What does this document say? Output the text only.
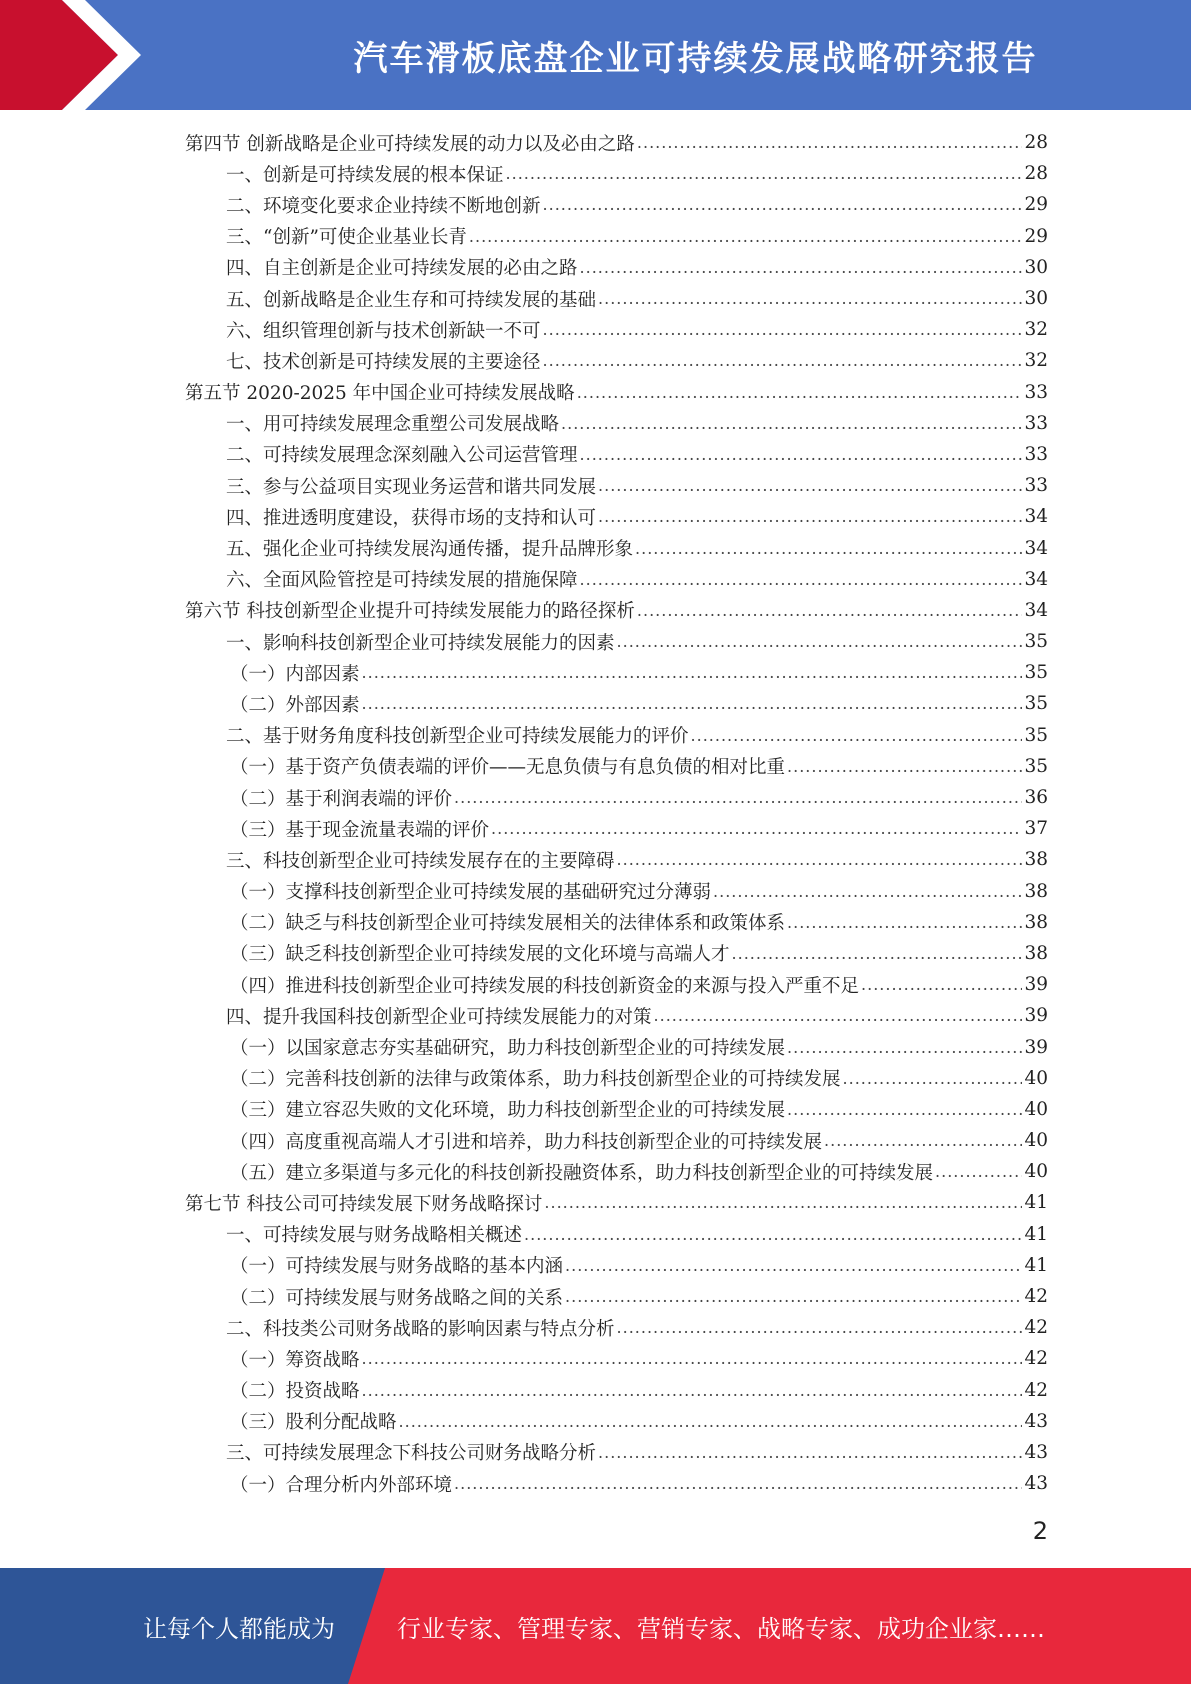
汽车滑板底盘企业可持续发展战略研究报告
第四节 创新战略是企业可持续发展的动力以及必由之路 .....	28
一、创新是可持续发展的根本保证 .....	28
二、环境变化要求企业持续不断地创新 .....	29
三、“创新”可使企业基业长青 .....	29
四、自主创新是企业可持续发展的必由之路 .....	30
五、创新战略是企业生存和可持续发展的基础 .....	30
六、组织管理创新与技术创新缺一不可 .....	32
七、技术创新是可持续发展的主要途径 .....	32
第五节 2020-2025 年中国企业可持续发展战略 .....	33
一、用可持续发展理念重塑公司发展战略 .....	33
二、可持续发展理念深刻融入公司运营管理 .....	33
三、参与公益项目实现业务运营和谐共同发展 .....	33
四、推进透明度建设，获得市场的支持和认可 .....	34
五、强化企业可持续发展沟通传播，提升品牌形象 .....	34
六、全面风险管控是可持续发展的措施保障 .....	34
第六节 科技创新型企业提升可持续发展能力的路径探析 .....	34
一、影响科技创新型企业可持续发展能力的因素 .....	35
（一）内部因素 .....	35
（二）外部因素 .....	35
二、基于财务角度科技创新型企业可持续发展能力的评价 .....	35
（一）基于资产负债表端的评价——无息负债与有息负债的相对比重 .....	35
（二）基于利润表端的评价 .....	36
（三）基于现金流量表端的评价 .....	37
三、科技创新型企业可持续发展存在的主要障碍 .....	38
（一）支撑科技创新型企业可持续发展的基础研究过分薄弱 .....	38
（二）缺乏与科技创新型企业可持续发展相关的法律体系和政策体系 .....	38
（三）缺乏科技创新型企业可持续发展的文化环境与高端人才 .....	38
（四）推进科技创新型企业可持续发展的科技创新资金的来源与投入严重不足 .....	39
四、提升我国科技创新型企业可持续发展能力的对策 .....	39
（一）以国家意志夯实基础研究，助力科技创新型企业的可持续发展 .....	39
（二）完善科技创新的法律与政策体系，助力科技创新型企业的可持续发展 .....	40
（三）建立容忍失败的文化环境，助力科技创新型企业的可持续发展 .....	40
（四）高度重视高端人才引进和培养，助力科技创新型企业的可持续发展 .....	40
（五）建立多渠道与多元化的科技创新投融资体系，助力科技创新型企业的可持续发展 .....	40
第七节 科技公司可持续发展下财务战略探讨 .....	41
一、可持续发展与财务战略相关概述 .....	41
（一）可持续发展与财务战略的基本内涵 .....	41
（二）可持续发展与财务战略之间的关系 .....	42
二、科技类公司财务战略的影响因素与特点分析 .....	42
（一）筹资战略 .....	42
（二）投资战略 .....	42
（三）股利分配战略 .....	43
三、可持续发展理念下科技公司财务战略分析 .....	43
（一）合理分析内外部环境 .....	43
2
让每个人都能成为	行业专家、管理专家、营销专家、战略专家、成功企业家……
